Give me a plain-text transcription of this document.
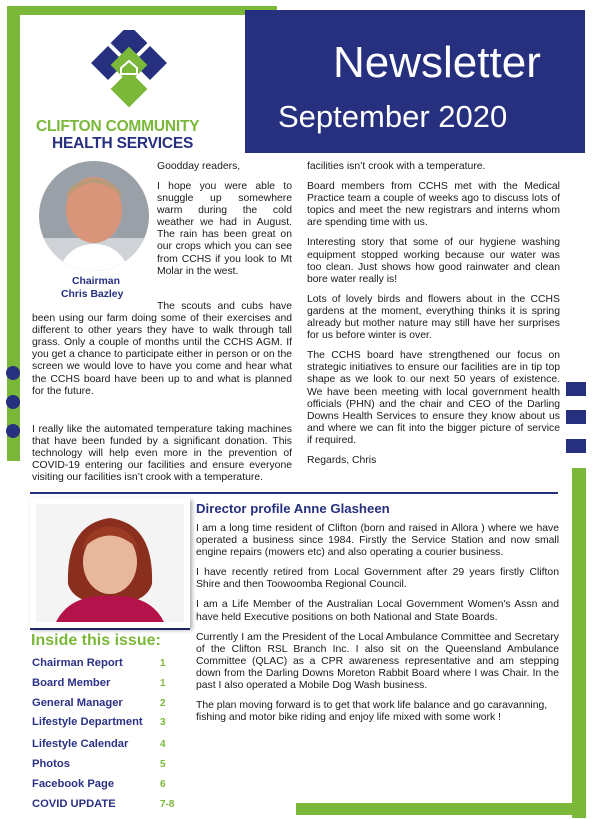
Newsletter
September 2020
CLIFTON COMMUNITY
HEALTH SERVICES
Chairman
Chris Bazley

Goodday readers,

I hope you were able to snuggle up somewhere warm during the cold weather we had in August. The rain has been great on our crops which you can see from CCHS if you look to Mt Molar in the west.

The scouts and cubs have been using our farm doing some of their exercises and different to other years they have to walk through tall grass. Only a couple of months until the CCHS AGM. If you get a chance to participate either in person or on the screen we would love to have you come and hear what the CCHS board have been up to and what is planned for the future.

I really like the automated temperature taking machines that have been funded by a significant donation. This technology will help even more in the prevention of COVID-19 entering our facilities and ensure everyone visiting our facilities isn’t crook with a temperature.

facilities isn’t crook with a temperature.

Board members from CCHS met with the Medical Practice team a couple of weeks ago to discuss lots of topics and meet the new registrars and interns whom are spending time with us.

Interesting story that some of our hygiene washing equipment stopped working because our water was too clean. Just shows how good rainwater and clean bore water really is!

Lots of lovely birds and flowers about in the CCHS gardens at the moment, everything thinks it is spring already but mother nature may still have her surprises for us before winter is over.

The CCHS board have strengthened our focus on strategic initiatives to ensure our facilities are in tip top shape as we look to our next 50 years of existence. We have been meeting with local government health officials (PHN) and the chair and CEO of the Darling Downs Health Services to ensure they know about us and where we can fit into the bigger picture of service if required.

Regards, Chris

Inside this issue:
Chairman Report	1
Board Member	1
General Manager	2
Lifestyle Department	3
Lifestyle Calendar	4
Photos	5
Facebook Page	6
COVID UPDATE	7-8
Director profile Anne Glasheen

I am a long time resident of Clifton (born and raised in Allora ) where we have operated a business since 1984. Firstly the Service Station and now small engine repairs (mowers etc) and also operating a courier business.

I have recently retired from Local Government after 29 years firstly Clifton Shire and then Toowoomba Regional Council.

I am a Life Member of the Australian Local Government Women's Assn and have held Executive positions on both National and State Boards.

Currently I am the President of the Local Ambulance Committee and Secretary of the Clifton RSL Branch Inc. I also sit on the Queensland Ambulance Committee (QLAC) as a CPR awareness representative and am stepping down from the Darling Downs Moreton Rabbit Board where I was Chair. In the past I also operated a Mobile Dog Wash business.

The plan moving forward is to get that work life balance and go caravanning, fishing and motor bike riding and enjoy life mixed with some work !
